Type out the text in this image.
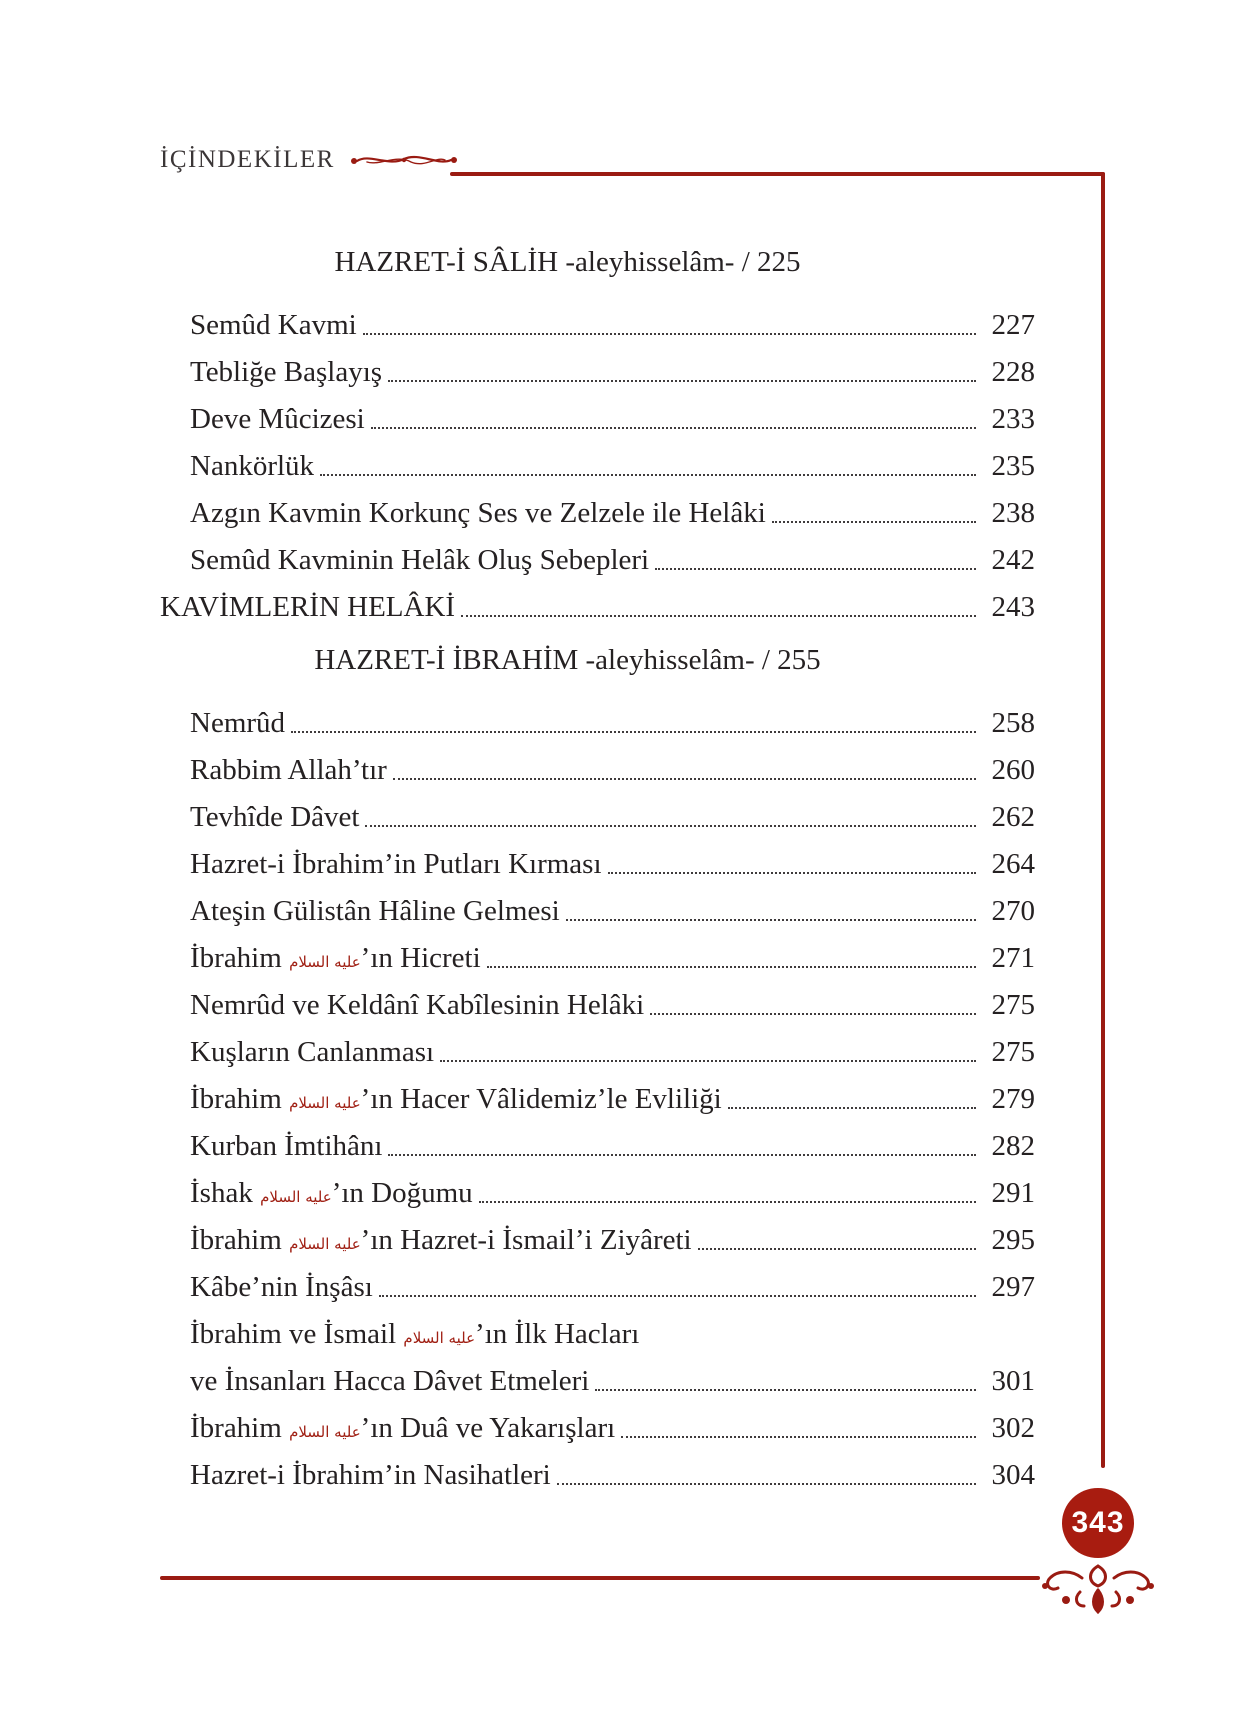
İÇİNDEKİLER
HAZRET-İ SÂLİH -aleyhisselâm- / 225
Semûd Kavmi	227
Tebliğe Başlayış	228
Deve Mûcizesi	233
Nankörlük	235
Azgın Kavmin Korkunç Ses ve Zelzele ile Helâki	238
Semûd Kavminin Helâk Oluş Sebepleri	242
KAVİMLERİN HELÂKİ	243
HAZRET-İ İBRAHİM -aleyhisselâm- / 255
Nemrûd	258
Rabbim Allah’tır	260
Tevhîde Dâvet	262
Hazret-i İbrahim’in Putları Kırması	264
Ateşin Gülistân Hâline Gelmesi	270
İbrahim عليه السلام’ın Hicreti	271
Nemrûd ve Keldânî Kabîlesinin Helâki	275
Kuşların Canlanması	275
İbrahim عليه السلام’ın Hacer Vâlidemiz’le Evliliği	279
Kurban İmtihânı	282
İshak عليه السلام’ın Doğumu	291
İbrahim عليه السلام’ın Hazret-i İsmail’i Ziyâreti	295
Kâbe’nin İnşâsı	297
İbrahim ve İsmail عليه السلام’ın İlk Hacları
ve İnsanları Hacca Dâvet Etmeleri	301
İbrahim عليه السلام’ın Duâ ve Yakarışları	302
Hazret-i İbrahim’in Nasihatleri	304
343
